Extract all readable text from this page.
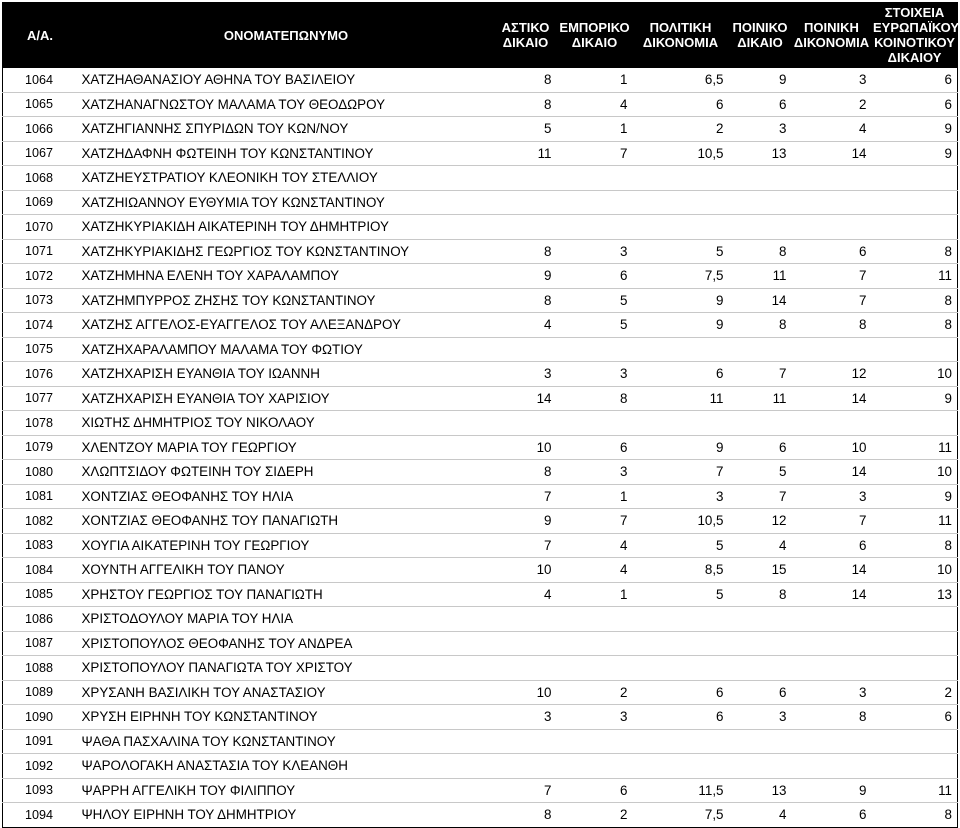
Α/Α.	ΟΝΟΜΑΤΕΠΩΝΥΜΟ	ΑΣΤΙΚΟ ΔΙΚΑΙΟ	ΕΜΠΟΡΙΚΟ ΔΙΚΑΙΟ	ΠΟΛΙΤΙΚΗ ΔΙΚΟΝΟΜΙΑ	ΠΟΙΝΙΚΟ ΔΙΚΑΙΟ	ΠΟΙΝΙΚΗ ΔΙΚΟΝΟΜΙΑ	ΣΤΟΙΧΕΙΑ ΕΥΡΩΠΑΪΚΟΥ ΚΟΙΝΟΤΙΚΟΥ ΔΙΚΑΙΟΥ
1064	ΧΑΤΖΗΑΘΑΝΑΣΙΟΥ ΑΘΗΝΑ ΤΟΥ ΒΑΣΙΛΕΙΟΥ	8	1	6,5	9	3	6
1065	ΧΑΤΖΗΑΝΑΓΝΩΣΤΟΥ ΜΑΛΑΜΑ ΤΟΥ ΘΕΟΔΩΡΟΥ	8	4	6	6	2	6
1066	ΧΑΤΖΗΓΙΑΝΝΗΣ ΣΠΥΡΙΔΩΝ ΤΟΥ ΚΩΝ/ΝΟΥ	5	1	2	3	4	9
1067	ΧΑΤΖΗΔΑΦΝΗ ΦΩΤΕΙΝΗ ΤΟΥ ΚΩΝΣΤΑΝΤΙΝΟΥ	11	7	10,5	13	14	9
1068	ΧΑΤΖΗΕΥΣΤΡΑΤΙΟΥ ΚΛΕΟΝΙΚΗ ΤΟΥ ΣΤΕΛΛΙΟΥ						
1069	ΧΑΤΖΗΙΩΑΝΝΟΥ ΕΥΘΥΜΙΑ ΤΟΥ ΚΩΝΣΤΑΝΤΙΝΟΥ						
1070	ΧΑΤΖΗΚΥΡΙΑΚΙΔΗ ΑΙΚΑΤΕΡΙΝΗ ΤΟΥ ΔΗΜΗΤΡΙΟΥ						
1071	ΧΑΤΖΗΚΥΡΙΑΚΙΔΗΣ ΓΕΩΡΓΙΟΣ ΤΟΥ ΚΩΝΣΤΑΝΤΙΝΟΥ	8	3	5	8	6	8
1072	ΧΑΤΖΗΜΗΝΑ ΕΛΕΝΗ ΤΟΥ ΧΑΡΑΛΑΜΠΟΥ	9	6	7,5	11	7	11
1073	ΧΑΤΖΗΜΠΥΡΡΟΣ ΖΗΣΗΣ ΤΟΥ ΚΩΝΣΤΑΝΤΙΝΟΥ	8	5	9	14	7	8
1074	ΧΑΤΖΗΣ ΑΓΓΕΛΟΣ-ΕΥΑΓΓΕΛΟΣ ΤΟΥ ΑΛΕΞΑΝΔΡΟΥ	4	5	9	8	8	8
1075	ΧΑΤΖΗΧΑΡΑΛΑΜΠΟΥ ΜΑΛΑΜΑ ΤΟΥ ΦΩΤΙΟΥ						
1076	ΧΑΤΖΗΧΑΡΙΣΗ ΕΥΑΝΘΙΑ ΤΟΥ ΙΩΑΝΝΗ	3	3	6	7	12	10
1077	ΧΑΤΖΗΧΑΡΙΣΗ ΕΥΑΝΘΙΑ ΤΟΥ ΧΑΡΙΣΙΟΥ	14	8	11	11	14	9
1078	ΧΙΩΤΗΣ ΔΗΜΗΤΡΙΟΣ ΤΟΥ ΝΙΚΟΛΑΟΥ						
1079	ΧΛΕΝΤΖΟΥ ΜΑΡΙΑ ΤΟΥ ΓΕΩΡΓΙΟΥ	10	6	9	6	10	11
1080	ΧΛΩΠΤΣΙΔΟΥ ΦΩΤΕΙΝΗ ΤΟΥ ΣΙΔΕΡΗ	8	3	7	5	14	10
1081	ΧΟΝΤΖΙΑΣ ΘΕΟΦΑΝΗΣ ΤΟΥ ΗΛΙΑ	7	1	3	7	3	9
1082	ΧΟΝΤΖΙΑΣ ΘΕΟΦΑΝΗΣ ΤΟΥ ΠΑΝΑΓΙΩΤΗ	9	7	10,5	12	7	11
1083	ΧΟΥΓΙΑ ΑΙΚΑΤΕΡΙΝΗ ΤΟΥ ΓΕΩΡΓΙΟΥ	7	4	5	4	6	8
1084	ΧΟΥΝΤΗ ΑΓΓΕΛΙΚΗ ΤΟΥ ΠΑΝΟΥ	10	4	8,5	15	14	10
1085	ΧΡΗΣΤΟΥ ΓΕΩΡΓΙΟΣ ΤΟΥ ΠΑΝΑΓΙΩΤΗ	4	1	5	8	14	13
1086	ΧΡΙΣΤΟΔΟΥΛΟΥ ΜΑΡΙΑ ΤΟΥ ΗΛΙΑ						
1087	ΧΡΙΣΤΟΠΟΥΛΟΣ ΘΕΟΦΑΝΗΣ ΤΟΥ ΑΝΔΡΕΑ						
1088	ΧΡΙΣΤΟΠΟΥΛΟΥ ΠΑΝΑΓΙΩΤΑ ΤΟΥ ΧΡΙΣΤΟΥ						
1089	ΧΡΥΣΑΝΗ ΒΑΣΙΛΙΚΗ ΤΟΥ ΑΝΑΣΤΑΣΙΟΥ	10	2	6	6	3	2
1090	ΧΡΥΣΗ ΕΙΡΗΝΗ ΤΟΥ ΚΩΝΣΤΑΝΤΙΝΟΥ	3	3	6	3	8	6
1091	ΨΑΘΑ ΠΑΣΧΑΛΙΝΑ ΤΟΥ ΚΩΝΣΤΑΝΤΙΝΟΥ						
1092	ΨΑΡΟΛΟΓΑΚΗ ΑΝΑΣΤΑΣΙΑ ΤΟΥ ΚΛΕΑΝΘΗ						
1093	ΨΑΡΡΗ ΑΓΓΕΛΙΚΗ ΤΟΥ ΦΙΛΙΠΠΟΥ	7	6	11,5	13	9	11
1094	ΨΗΛΟΥ ΕΙΡΗΝΗ ΤΟΥ ΔΗΜΗΤΡΙΟΥ	8	2	7,5	4	6	8
